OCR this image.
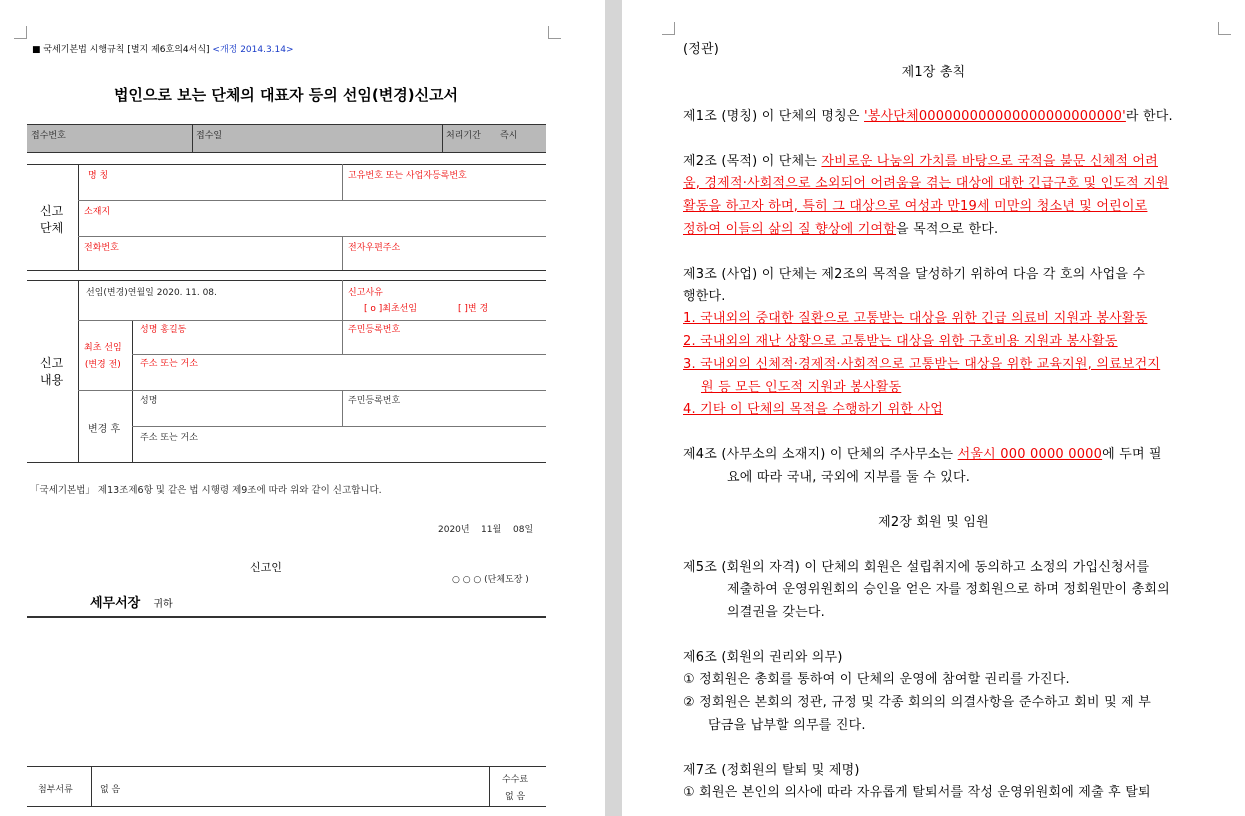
■ 국세기본법 시행규칙 [별지 제6호의4서식] <개정 2014.3.14>
법인으로 보는 단체의 대표자 등의 선임(변경)신고서
접수번호	접수일	처리기간 즉시
신고
단체
명 칭	고유번호 또는 사업자등록번호
소재지
전화번호	전자우편주소
신고
내용
선임(변경)연월일 2020. 11. 08.	신고사유
[ o ]최초선임	[ ]변 경
최초 선임
(변경 전)
성명 홍길동	주민등록번호
주소 또는 거소
변경 후
성명	주민등록번호
주소 또는 거소
「국세기본법」 제13조제6항 및 같은 법 시행령 제9조에 따라 위와 같이 신고합니다.
2020년 11월 08일
신고인
○ ○ ○ (단체도장 )
세무서장 귀하
첨부서류	없 음
수수료
없 음
(정관)
제1장 총칙
제1조 (명칭) 이 단체의 명칭은 '봉사단체000000000000000000000000'라 한다.
제2조 (목적) 이 단체는 자비로운 나눔의 가치를 바탕으로 국적을 불문 신체적 어려
움, 경제적·사회적으로 소외되어 어려움을 겪는 대상에 대한 긴급구호 및 인도적 지원
활동을 하고자 하며, 특히 그 대상으로 여성과 만19세 미만의 청소년 및 어린이로
정하여 이들의 삶의 질 향상에 기여함을 목적으로 한다.
제3조 (사업) 이 단체는 제2조의 목적을 달성하기 위하여 다음 각 호의 사업을 수
행한다.
1. 국내외의 중대한 질환으로 고통받는 대상을 위한 긴급 의료비 지원과 봉사활동
2. 국내외의 재난 상황으로 고통받는 대상을 위한 구호비용 지원과 봉사활동
3. 국내외의 신체적·경제적·사회적으로 고통받는 대상을 위한 교육지원, 의료보건지
원 등 모든 인도적 지원과 봉사활동
4. 기타 이 단체의 목적을 수행하기 위한 사업
제4조 (사무소의 소재지) 이 단체의 주사무소는 서울시 000 0000 0000에 두며 필
요에 따라 국내, 국외에 지부를 둘 수 있다.
제2장 회원 및 임원
제5조 (회원의 자격) 이 단체의 회원은 설립취지에 동의하고 소정의 가입신청서를
제출하여 운영위원회의 승인을 얻은 자를 정회원으로 하며 정회원만이 총회의
의결권을 갖는다.
제6조 (회원의 권리와 의무)
① 정회원은 총회를 통하여 이 단체의 운영에 참여할 권리를 가진다.
② 정회원은 본회의 정관, 규정 및 각종 회의의 의결사항을 준수하고 회비 및 제 부
담금을 납부할 의무를 진다.
제7조 (정회원의 탈퇴 및 제명)
① 회원은 본인의 의사에 따라 자유롭게 탈퇴서를 작성 운영위원회에 제출 후 탈퇴
